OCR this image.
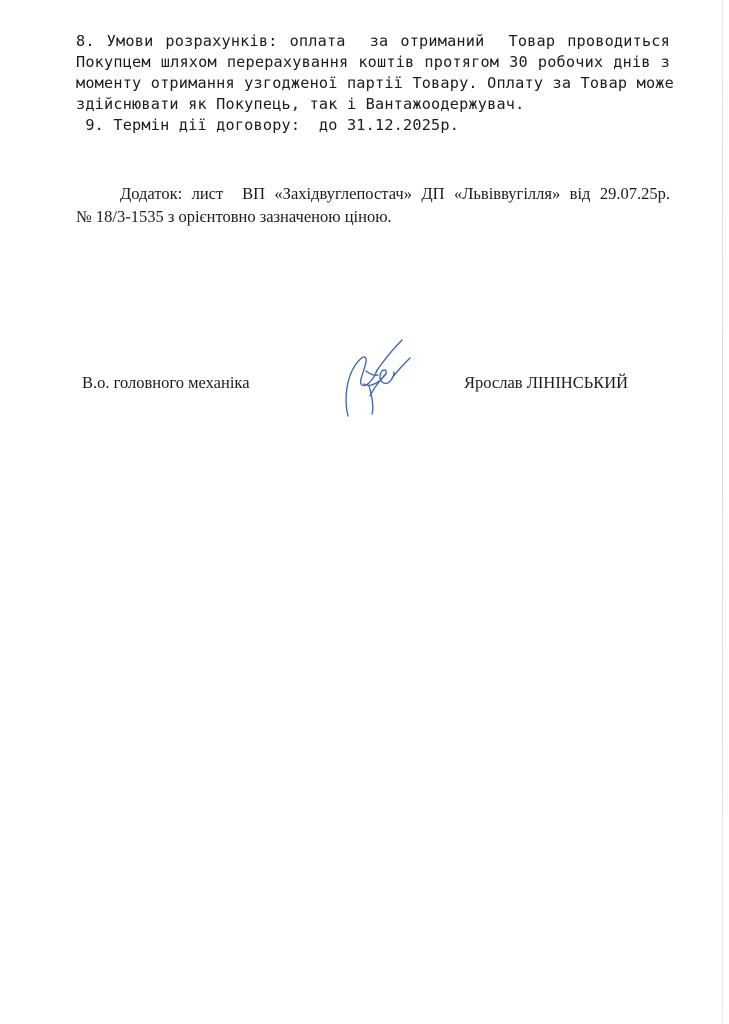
8. Умови розрахунків: оплата  за отриманий  Товар проводиться
Покупцем шляхом перерахування коштів протягом 30 робочих днів з
моменту отримання узгодженої партії Товару. Оплату за Товар може
здійснювати як Покупець, так і Вантажоодержувач.
9. Термін дії договору:  до 31.12.2025р.
Додаток: лист  ВП «Західвуглепостач» ДП «Львіввугілля» від 29.07.25р.
№ 18/3-1535 з орієнтовно зазначеною ціною.
В.о. головного механіка	Ярослав ЛІНІНСЬКИЙ
